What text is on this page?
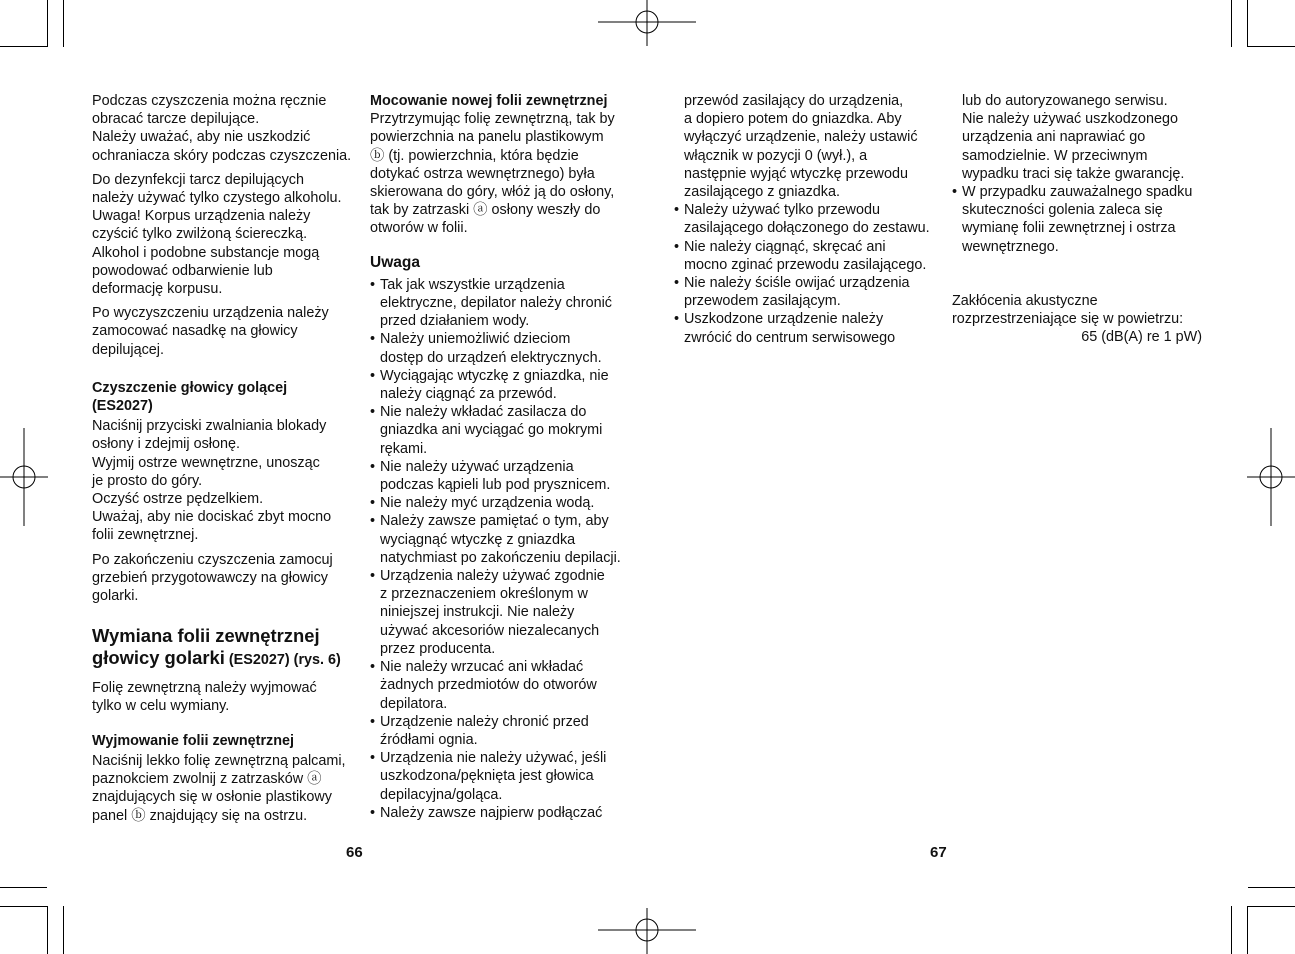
Podczas czyszczenia można ręcznie
obracać tarcze depilujące.
Należy uważać, aby nie uszkodzić
ochraniacza skóry podczas czyszczenia.

Do dezynfekcji tarcz depilujących
należy używać tylko czystego alkoholu.
Uwaga! Korpus urządzenia należy
czyścić tylko zwilżoną ściereczką.
Alkohol i podobne substancje mogą
powodować odbarwienie lub
deformację korpusu.

Po wyczyszczeniu urządzenia należy
zamocować nasadkę na głowicy
depilującej.

Czyszczenie głowicy golącej
(ES2027)

Naciśnij przyciski zwalniania blokady
osłony i zdejmij osłonę.
Wyjmij ostrze wewnętrzne, unosząc
je prosto do góry.
Oczyść ostrze pędzelkiem.
Uważaj, aby nie dociskać zbyt mocno
folii zewnętrznej.

Po zakończeniu czyszczenia zamocuj
grzebień przygotowawczy na głowicy
golarki.

Wymiana folii zewnętrznej
głowicy golarki (ES2027) (rys. 6)

Folię zewnętrzną należy wyjmować
tylko w celu wymiany.

Wyjmowanie folii zewnętrznej

Naciśnij lekko folię zewnętrzną palcami,
paznokciem zwolnij z zatrzasków ⓐ
znajdujących się w osłonie plastikowy
panel ⓑ znajdujący się na ostrzu.

Mocowanie nowej folii zewnętrznej

Przytrzymując folię zewnętrzną, tak by
powierzchnia na panelu plastikowym
ⓑ (tj. powierzchnia, która będzie
dotykać ostrza wewnętrznego) była
skierowana do góry, włóż ją do osłony,
tak by zatrzaski ⓐ osłony weszły do
otworów w folii.

Uwaga
• Tak jak wszystkie urządzenia
elektryczne, depilator należy chronić
przed działaniem wody.
• Należy uniemożliwić dzieciom
dostęp do urządzeń elektrycznych.
• Wyciągając wtyczkę z gniazdka, nie
należy ciągnąć za przewód.
• Nie należy wkładać zasilacza do
gniazdka ani wyciągać go mokrymi
rękami.
• Nie należy używać urządzenia
podczas kąpieli lub pod prysznicem.
• Nie należy myć urządzenia wodą.
• Należy zawsze pamiętać o tym, aby
wyciągnąć wtyczkę z gniazdka
natychmiast po zakończeniu depilacji.
• Urządzenia należy używać zgodnie
z przeznaczeniem określonym w
niniejszej instrukcji. Nie należy
używać akcesoriów niezalecanych
przez producenta.
• Nie należy wrzucać ani wkładać
żadnych przedmiotów do otworów
depilatora.
• Urządzenie należy chronić przed
źródłami ognia.
• Urządzenia nie należy używać, jeśli
uszkodzona/pęknięta jest głowica
depilacyjna/goląca.
• Należy zawsze najpierw podłączać
przewód zasilający do urządzenia,
a dopiero potem do gniazdka. Aby
wyłączyć urządzenie, należy ustawić
włącznik w pozycji 0 (wył.), a
następnie wyjąć wtyczkę przewodu
zasilającego z gniazdka.
• Należy używać tylko przewodu
zasilającego dołączonego do zestawu.
• Nie należy ciągnąć, skręcać ani
mocno zginać przewodu zasilającego.
• Nie należy ściśle owijać urządzenia
przewodem zasilającym.
• Uszkodzone urządzenie należy
zwrócić do centrum serwisowego
lub do autoryzowanego serwisu.
Nie należy używać uszkodzonego
urządzenia ani naprawiać go
samodzielnie. W przeciwnym
wypadku traci się także gwarancję.
• W przypadku zauważalnego spadku
skuteczności golenia zaleca się
wymianę folii zewnętrznej i ostrza
wewnętrznego.
Zakłócenia akustyczne
rozprzestrzeniające się w powietrzu:
65 (dB(A) re 1 pW)
66	67
